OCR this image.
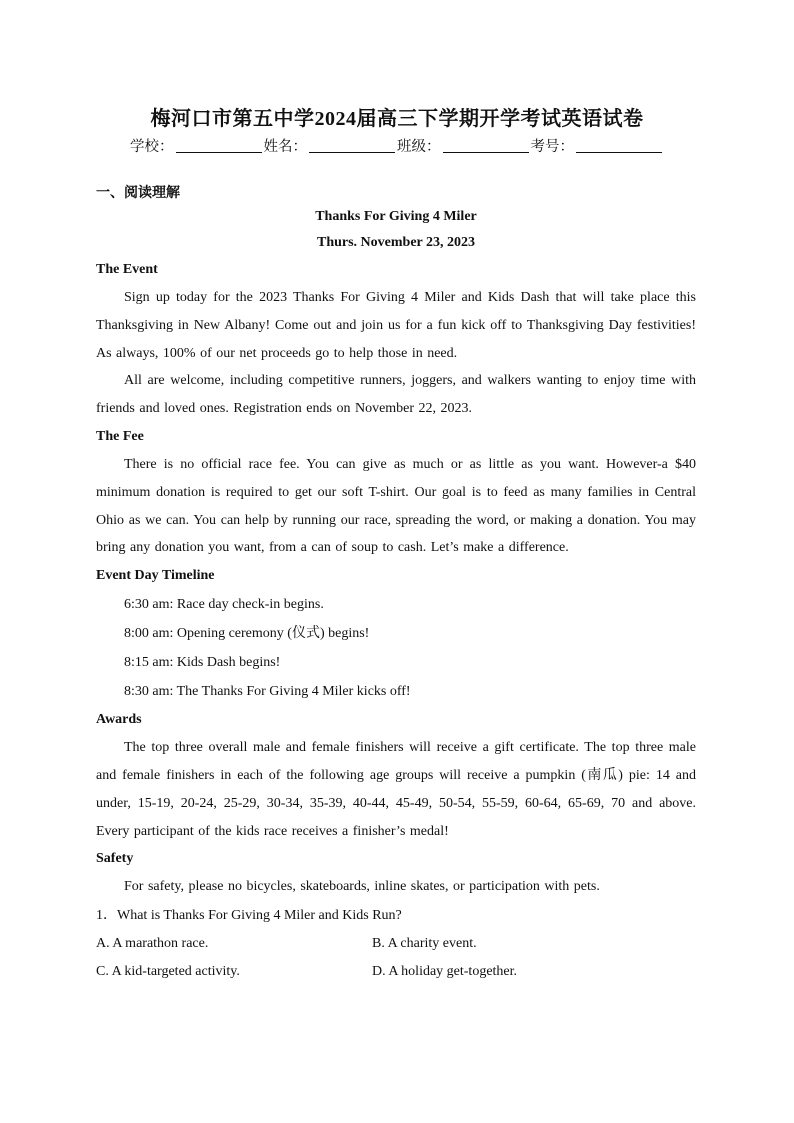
梅河口市第五中学2024届高三下学期开学考试英语试卷
学校：	姓名：	班级：	考号：
一、阅读理解
Thanks For Giving 4 Miler
Thurs. November 23, 2023
The Event
Sign up today for the 2023 Thanks For Giving 4 Miler and Kids Dash that will take place this Thanksgiving in New Albany! Come out and join us for a fun kick off to Thanksgiving Day festivities! As always, 100% of our net proceeds go to help those in need.
All are welcome, including competitive runners, joggers, and walkers wanting to enjoy time with friends and loved ones. Registration ends on November 22, 2023.
The Fee
There is no official race fee. You can give as much or as little as you want. However-a $40 minimum donation is required to get our soft T-shirt. Our goal is to feed as many families in Central Ohio as we can. You can help by running our race, spreading the word, or making a donation. You may bring any donation you want, from a can of soup to cash. Let’s make a difference.
Event Day Timeline
6:30 am: Race day check-in begins.
8:00 am: Opening ceremony (仪式) begins!
8:15 am: Kids Dash begins!
8:30 am: The Thanks For Giving 4 Miler kicks off!
Awards
The top three overall male and female finishers will receive a gift certificate. The top three male and female finishers in each of the following age groups will receive a pumpkin (南瓜) pie: 14 and under, 15-19, 20-24, 25-29, 30-34, 35-39, 40-44, 45-49, 50-54, 55-59, 60-64, 65-69, 70 and above. Every participant of the kids race receives a finisher’s medal!
Safety
For safety, please no bicycles, skateboards, inline skates, or participation with pets.
1．What is Thanks For Giving 4 Miler and Kids Run?
A. A marathon race.	B. A charity event.
C. A kid-targeted activity.	D. A holiday get-together.
